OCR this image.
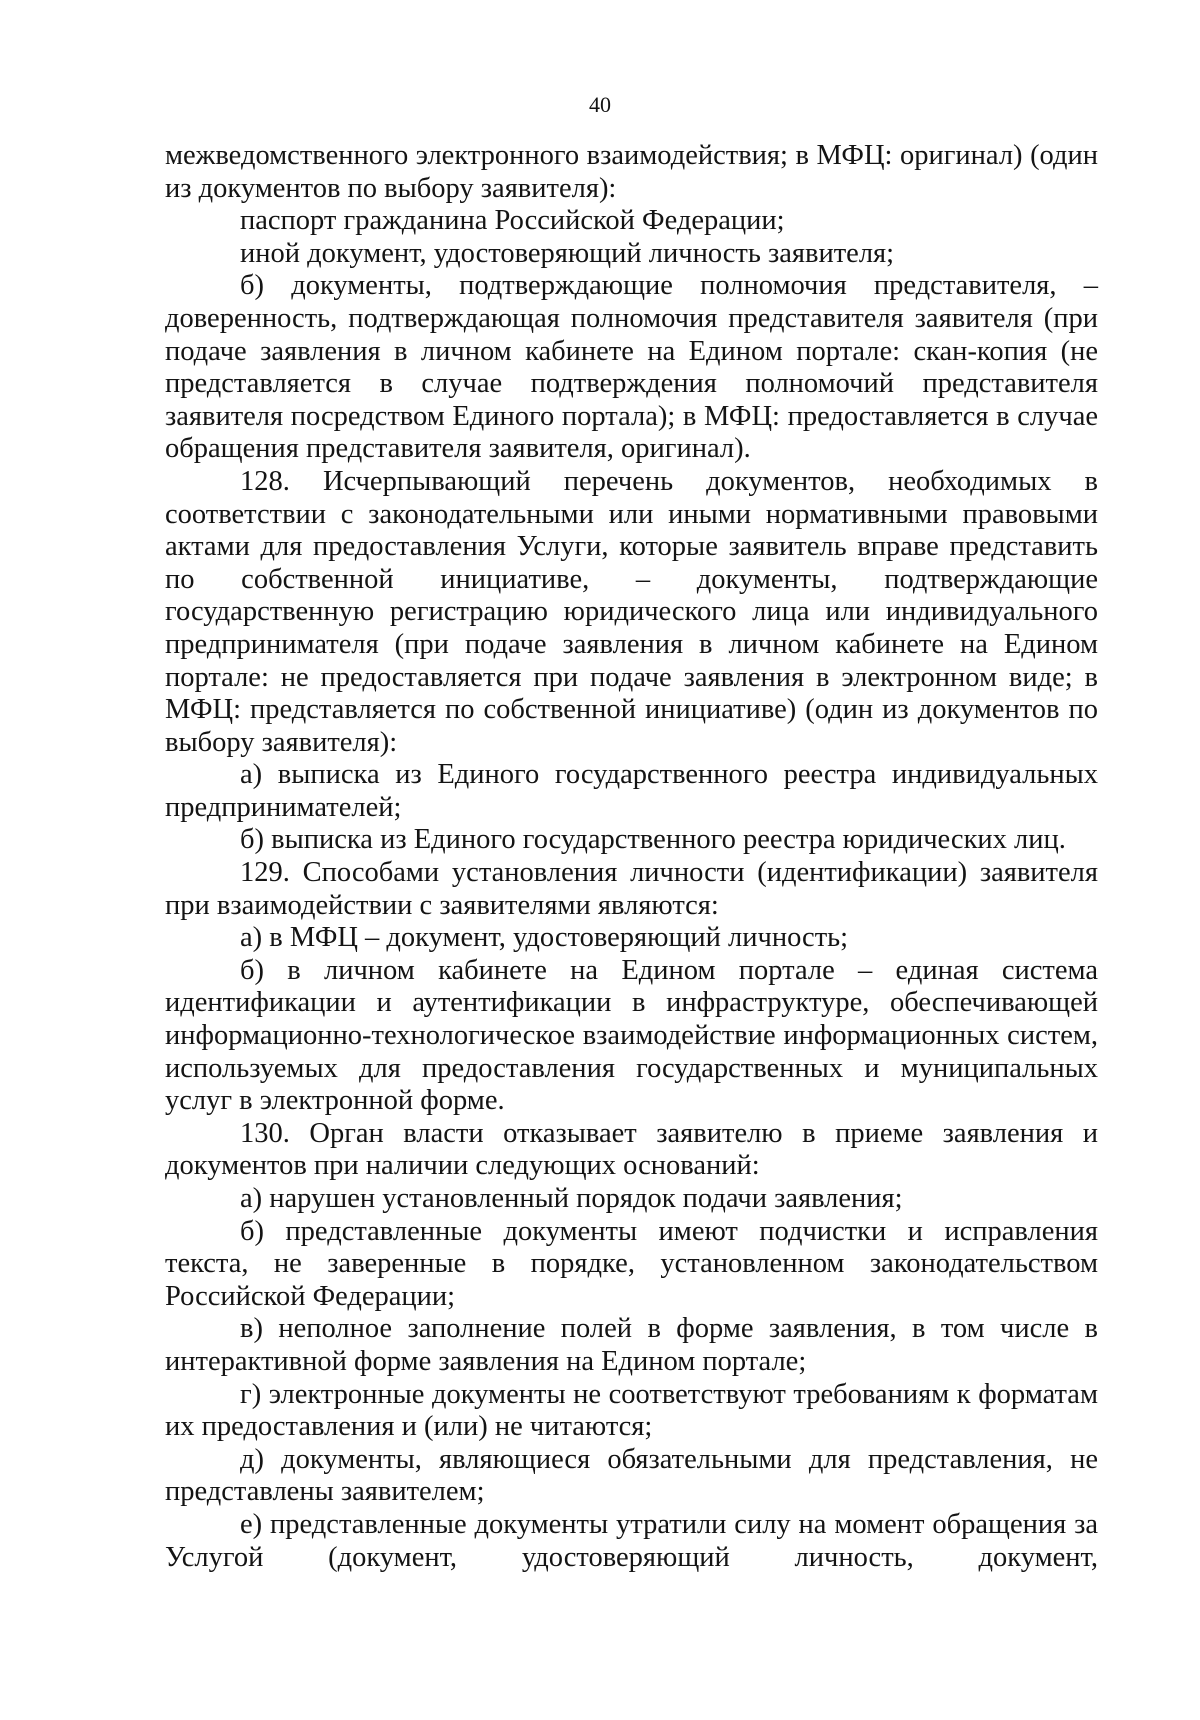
40

межведомственного электронного взаимодействия; в МФЦ: оригинал) (один из документов по выбору заявителя):

паспорт гражданина Российской Федерации;

иной документ, удостоверяющий личность заявителя;

б) документы, подтверждающие полномочия представителя, – доверенность, подтверждающая полномочия представителя заявителя (при подаче заявления в личном кабинете на Едином портале: скан-копия (не представляется в случае подтверждения полномочий представителя заявителя посредством Единого портала); в МФЦ: предоставляется в случае обращения представителя заявителя, оригинал).

128. Исчерпывающий перечень документов, необходимых в соответствии с законодательными или иными нормативными правовыми актами для предоставления Услуги, которые заявитель вправе представить по собственной инициативе, – документы, подтверждающие государственную регистрацию юридического лица или индивидуального предпринимателя (при подаче заявления в личном кабинете на Едином портале: не предоставляется при подаче заявления в электронном виде; в МФЦ: представляется по собственной инициативе) (один из документов по выбору заявителя):

а) выписка из Единого государственного реестра индивидуальных предпринимателей;

б) выписка из Единого государственного реестра юридических лиц.

129. Способами установления личности (идентификации) заявителя при взаимодействии с заявителями являются:

а) в МФЦ – документ, удостоверяющий личность;

б) в личном кабинете на Едином портале – единая система идентификации и аутентификации в инфраструктуре, обеспечивающей информационно-технологическое взаимодействие информационных систем, используемых для предоставления государственных и муниципальных услуг в электронной форме.

130. Орган власти отказывает заявителю в приеме заявления и документов при наличии следующих оснований:

а) нарушен установленный порядок подачи заявления;

б) представленные документы имеют подчистки и исправления текста, не заверенные в порядке, установленном законодательством Российской Федерации;

в) неполное заполнение полей в форме заявления, в том числе в интерактивной форме заявления на Едином портале;

г) электронные документы не соответствуют требованиям к форматам их предоставления и (или) не читаются;

д) документы, являющиеся обязательными для представления, не представлены заявителем;

е) представленные документы утратили силу на момент обращения за Услугой (документ, удостоверяющий личность, документ,
